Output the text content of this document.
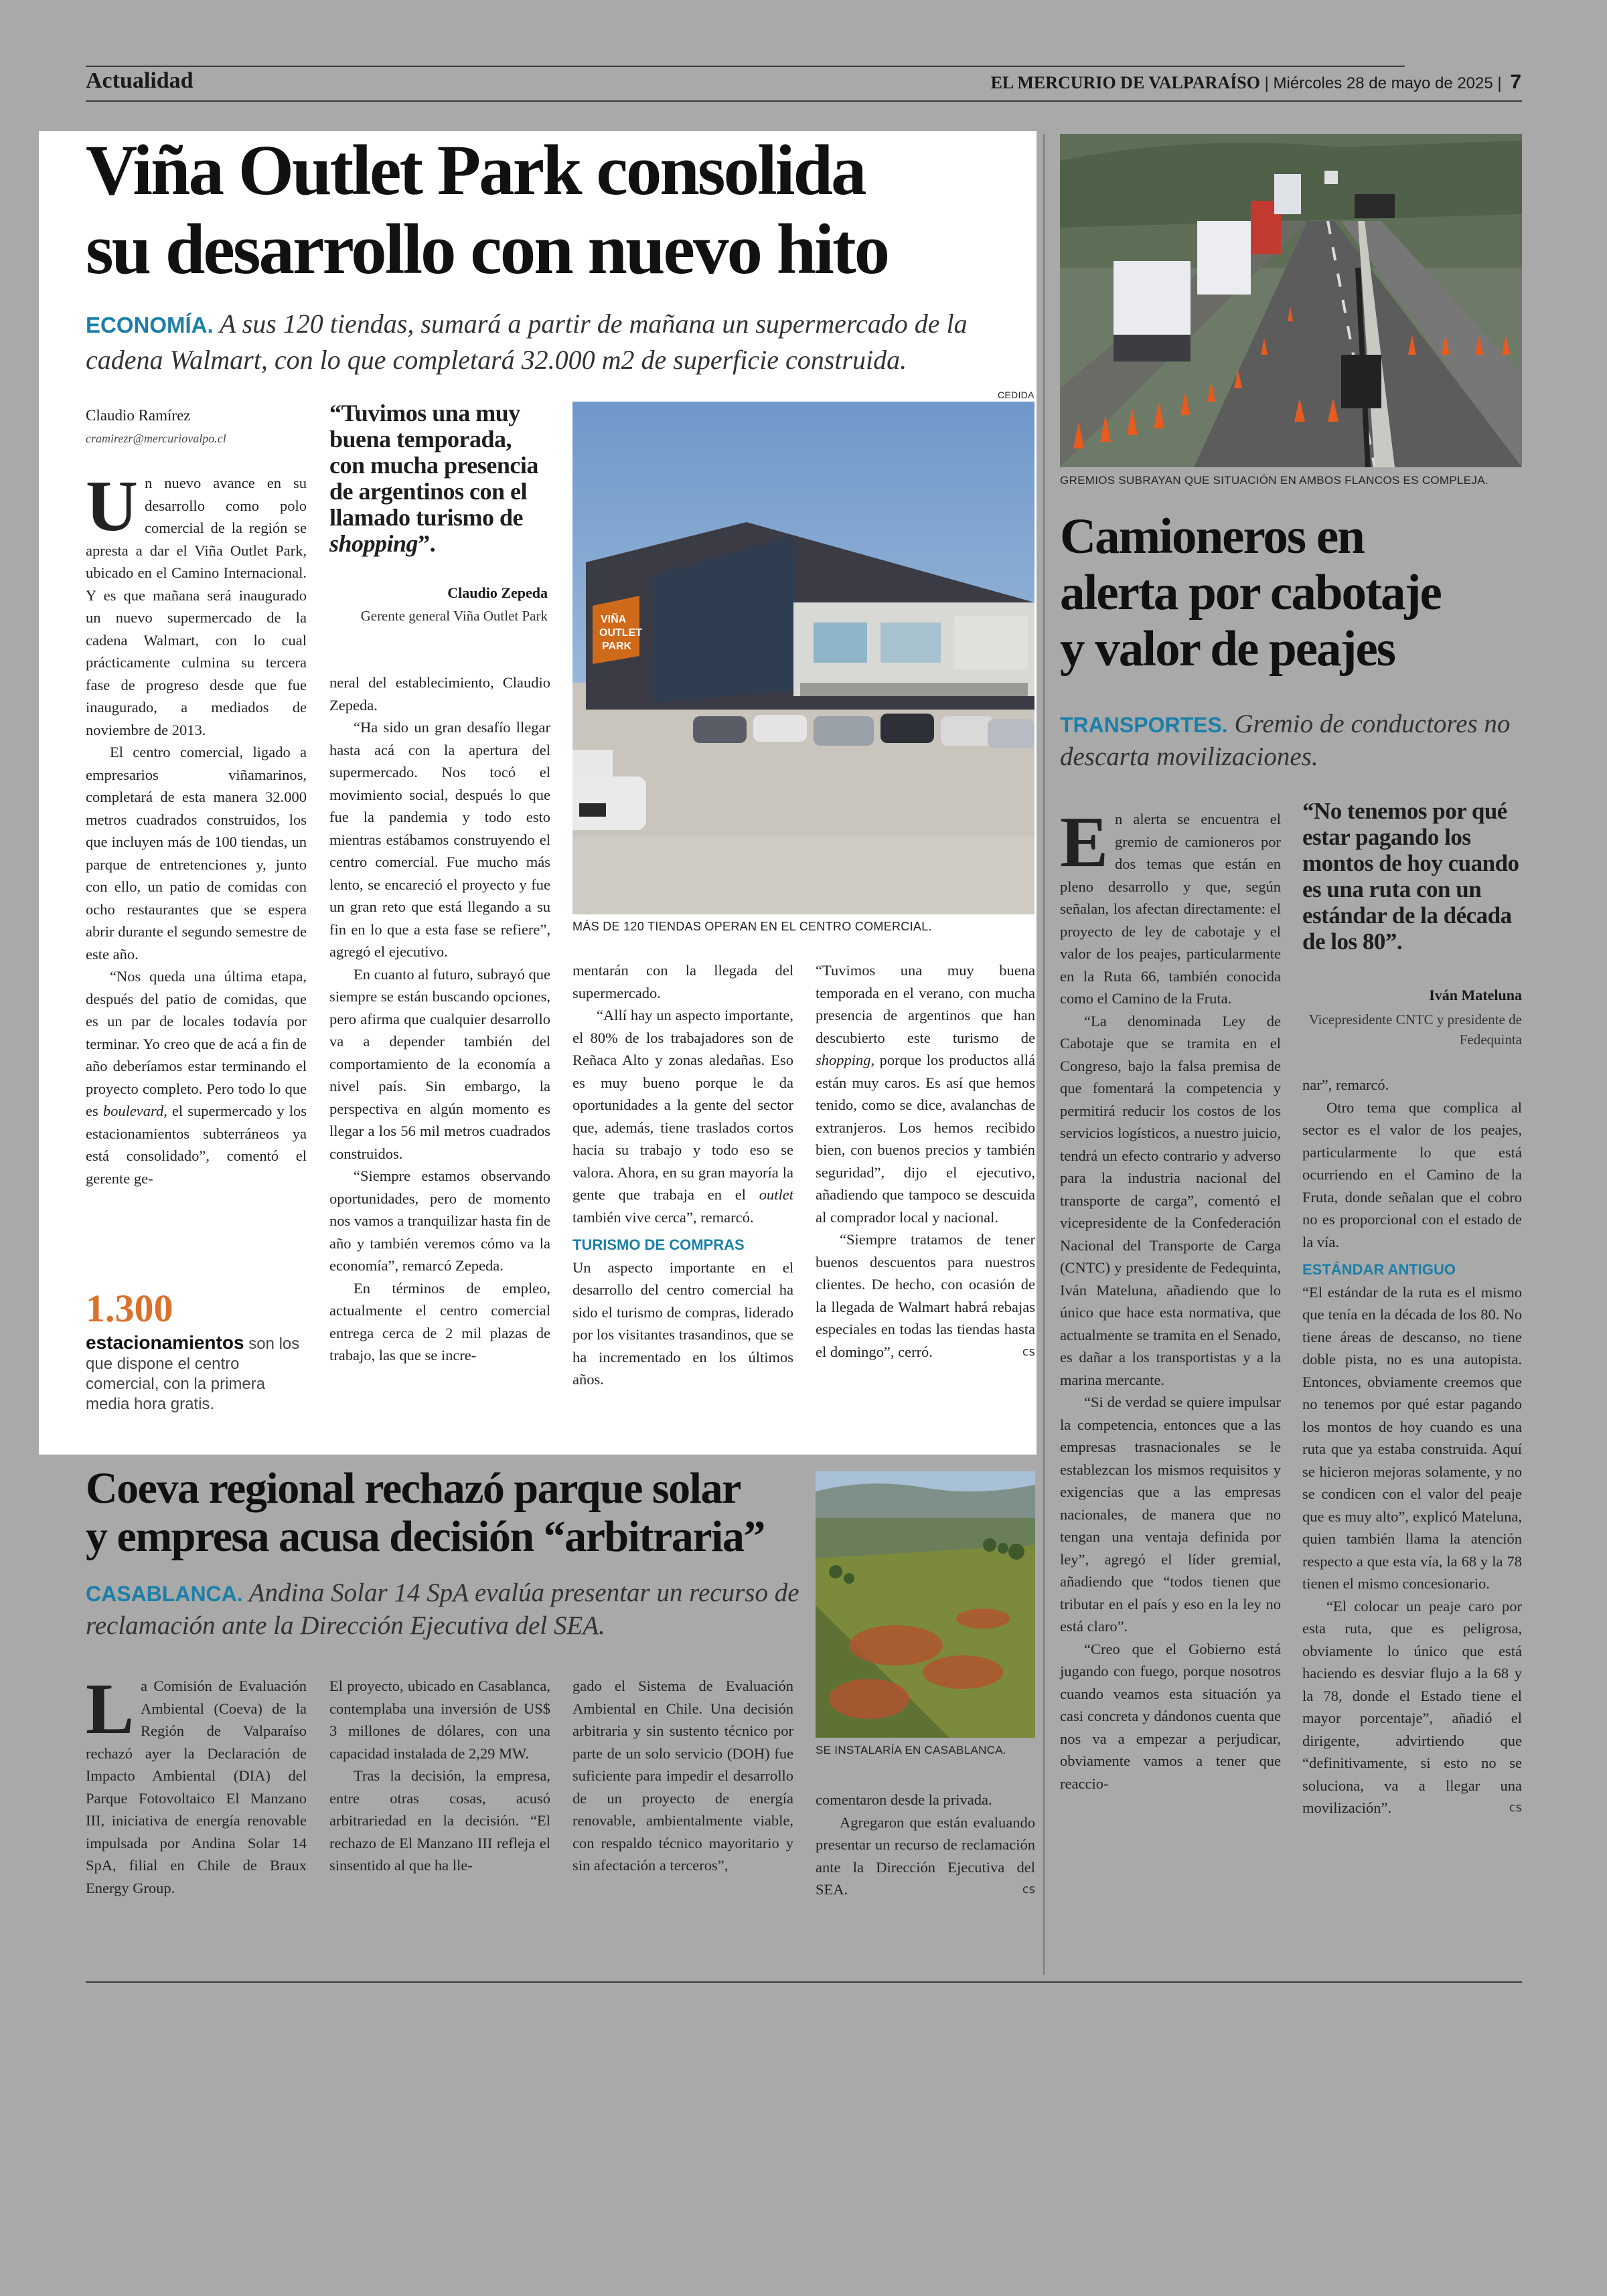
Actualidad	EL MERCURIO DE VALPARAÍSO | Miércoles 28 de mayo de 2025 | 7
Viña Outlet Park consolida
su desarrollo con nuevo hito
ECONOMÍA. A sus 120 tiendas, sumará a partir de mañana un supermercado de la cadena Walmart, con lo que completará 32.000 m2 de superficie construida.
CEDIDA
Claudio Ramírez
cramirezr@mercuriovalpo.cl
“Tuvimos una muy buena temporada, con mucha presencia de argentinos con el llamado turismo de shopping”.
Claudio Zepeda
Gerente general Viña Outlet Park	VIÑA OUTLET PARK
MÁS DE 120 TIENDAS OPERAN EN EL CENTRO COMERCIAL.

Un nuevo avance en su desarrollo como polo comercial de la región se apresta a dar el Viña Outlet Park, ubicado en el Camino Internacional. Y es que mañana será inaugurado un nuevo supermercado de la cadena Walmart, con lo cual prácticamente culmina su tercera fase de progreso desde que fue inaugurado, a mediados de noviembre de 2013.

El centro comercial, ligado a empresarios viñamarinos, completará de esta manera 32.000 metros cuadrados construidos, los que incluyen más de 100 tiendas, un parque de entretenciones y, junto con ello, un patio de comidas con ocho restaurantes que se espera abrir durante el segundo semestre de este año.

“Nos queda una última etapa, después del patio de comidas, que es un par de locales todavía por terminar. Yo creo que de acá a fin de año deberíamos estar terminando el proyecto completo. Pero todo lo que es boulevard, el supermercado y los estacionamientos subterráneos ya está consolidado”, comentó el gerente ge-

1.300
estacionamientos son los que dispone el centro comercial, con la primera media hora gratis.

neral del establecimiento, Claudio Zepeda.

“Ha sido un gran desafío llegar hasta acá con la apertura del supermercado. Nos tocó el movimiento social, después lo que fue la pandemia y todo esto mientras estábamos construyendo el centro comercial. Fue mucho más lento, se encareció el proyecto y fue un gran reto que está llegando a su fin en lo que a esta fase se refiere”, agregó el ejecutivo.

En cuanto al futuro, subrayó que siempre se están buscando opciones, pero afirma que cualquier desarrollo va a depender también del comportamiento de la economía a nivel país. Sin embargo, la perspectiva en algún momento es llegar a los 56 mil metros cuadrados construidos.

“Siempre estamos observando oportunidades, pero de momento nos vamos a tranquilizar hasta fin de año y también veremos cómo va la economía”, remarcó Zepeda.

En términos de empleo, actualmente el centro comercial entrega cerca de 2 mil plazas de trabajo, las que se incre-

mentarán con la llegada del supermercado.

“Allí hay un aspecto importante, el 80% de los trabajadores son de Reñaca Alto y zonas aledañas. Eso es muy bueno porque le da oportunidades a la gente del sector que, además, tiene traslados cortos hacia su trabajo y todo eso se valora. Ahora, en su gran mayoría la gente que trabaja en el outlet también vive cerca”, remarcó.

TURISMO DE COMPRAS

Un aspecto importante en el desarrollo del centro comercial ha sido el turismo de compras, liderado por los visitantes trasandinos, que se ha incrementado en los últimos años.

“Tuvimos una muy buena temporada en el verano, con mucha presencia de argentinos que han descubierto este turismo de shopping, porque los productos allá están muy caros. Es así que hemos tenido, como se dice, avalanchas de extranjeros. Los hemos recibido bien, con buenos precios y también seguridad”, dijo el ejecutivo, añadiendo que tampoco se descuida al comprador local y nacional.

“Siempre tratamos de tener buenos descuentos para nuestros clientes. De hecho, con ocasión de la llegada de Walmart habrá rebajas especiales en todas las tiendas hasta el domingo”, cerró.	cs

GREMIOS SUBRAYAN QUE SITUACIÓN EN AMBOS FLANCOS ES COMPLEJA.
Camioneros en
alerta por cabotaje
y valor de peajes
TRANSPORTES. Gremio de conductores no descarta movilizaciones.

En alerta se encuentra el gremio de camioneros por dos temas que están en pleno desarrollo y que, según señalan, los afectan directamente: el proyecto de ley de cabotaje y el valor de los peajes, particularmente en la Ruta 66, también conocida como el Camino de la Fruta.

“La denominada Ley de Cabotaje que se tramita en el Congreso, bajo la falsa premisa de que fomentará la competencia y permitirá reducir los costos de los servicios logísticos, a nuestro juicio, tendrá un efecto contrario y adverso para la industria nacional del transporte de carga”, comentó el vicepresidente de la Confederación Nacional del Transporte de Carga (CNTC) y presidente de Fedequinta, Iván Mateluna, añadiendo que lo único que hace esta normativa, que actualmente se tramita en el Senado, es dañar a los transportistas y a la marina mercante.

“Si de verdad se quiere impulsar la competencia, entonces que a las empresas trasnacionales se le establezcan los mismos requisitos y exigencias que a las empresas nacionales, de manera que no tengan una ventaja definida por ley”, agregó el líder gremial, añadiendo que “todos tienen que tributar en el país y eso en la ley no está claro”.

“Creo que el Gobierno está jugando con fuego, porque nosotros cuando veamos esta situación ya casi concreta y dándonos cuenta que nos va a empezar a perjudicar, obviamente vamos a tener que reaccio-

“No tenemos por qué estar pagando los montos de hoy cuando es una ruta con un estándar de la década de los 80”.
Iván Mateluna
Vicepresidente CNTC y presidente de Fedequinta

nar”, remarcó.

Otro tema que complica al sector es el valor de los peajes, particularmente lo que está ocurriendo en el Camino de la Fruta, donde señalan que el cobro no es proporcional con el estado de la vía.

ESTÁNDAR ANTIGUO

“El estándar de la ruta es el mismo que tenía en la década de los 80. No tiene áreas de descanso, no tiene doble pista, no es una autopista. Entonces, obviamente creemos que no tenemos por qué estar pagando los montos de hoy cuando es una ruta que ya estaba construida. Aquí se hicieron mejoras solamente, y no se condicen con el valor del peaje que es muy alto”, explicó Mateluna, quien también llama la atención respecto a que esta vía, la 68 y la 78 tienen el mismo concesionario.

“El colocar un peaje caro por esta ruta, que es peligrosa, obviamente lo único que está haciendo es desviar flujo a la 68 y la 78, donde el Estado tiene el mayor porcentaje”, añadió el dirigente, advirtiendo que “definitivamente, si esto no se soluciona, va a llegar una movilización”.	cs

Coeva regional rechazó parque solar
y empresa acusa decisión “arbitraria”
CASABLANCA. Andina Solar 14 SpA evalúa presentar un recurso de reclamación ante la Dirección Ejecutiva del SEA.
SE INSTALARÍA EN CASABLANCA.

La Comisión de Evaluación Ambiental (Coeva) de la Región de Valparaíso rechazó ayer la Declaración de Impacto Ambiental (DIA) del Parque Fotovoltaico El Manzano III, iniciativa de energía renovable impulsada por Andina Solar 14 SpA, filial en Chile de Braux Energy Group.

El proyecto, ubicado en Casablanca, contemplaba una inversión de US$ 3 millones de dólares, con una capacidad instalada de 2,29 MW.

Tras la decisión, la empresa, entre otras cosas, acusó arbitrariedad en la decisión. “El rechazo de El Manzano III refleja el sinsentido al que ha lle-

gado el Sistema de Evaluación Ambiental en Chile. Una decisión arbitraria y sin sustento técnico por parte de un solo servicio (DOH) fue suficiente para impedir el desarrollo de un proyecto de energía renovable, ambientalmente viable, con respaldo técnico mayoritario y sin afectación a terceros”,

comentaron desde la privada.

Agregaron que están evaluando presentar un recurso de reclamación ante la Dirección Ejecutiva del SEA.	cs
